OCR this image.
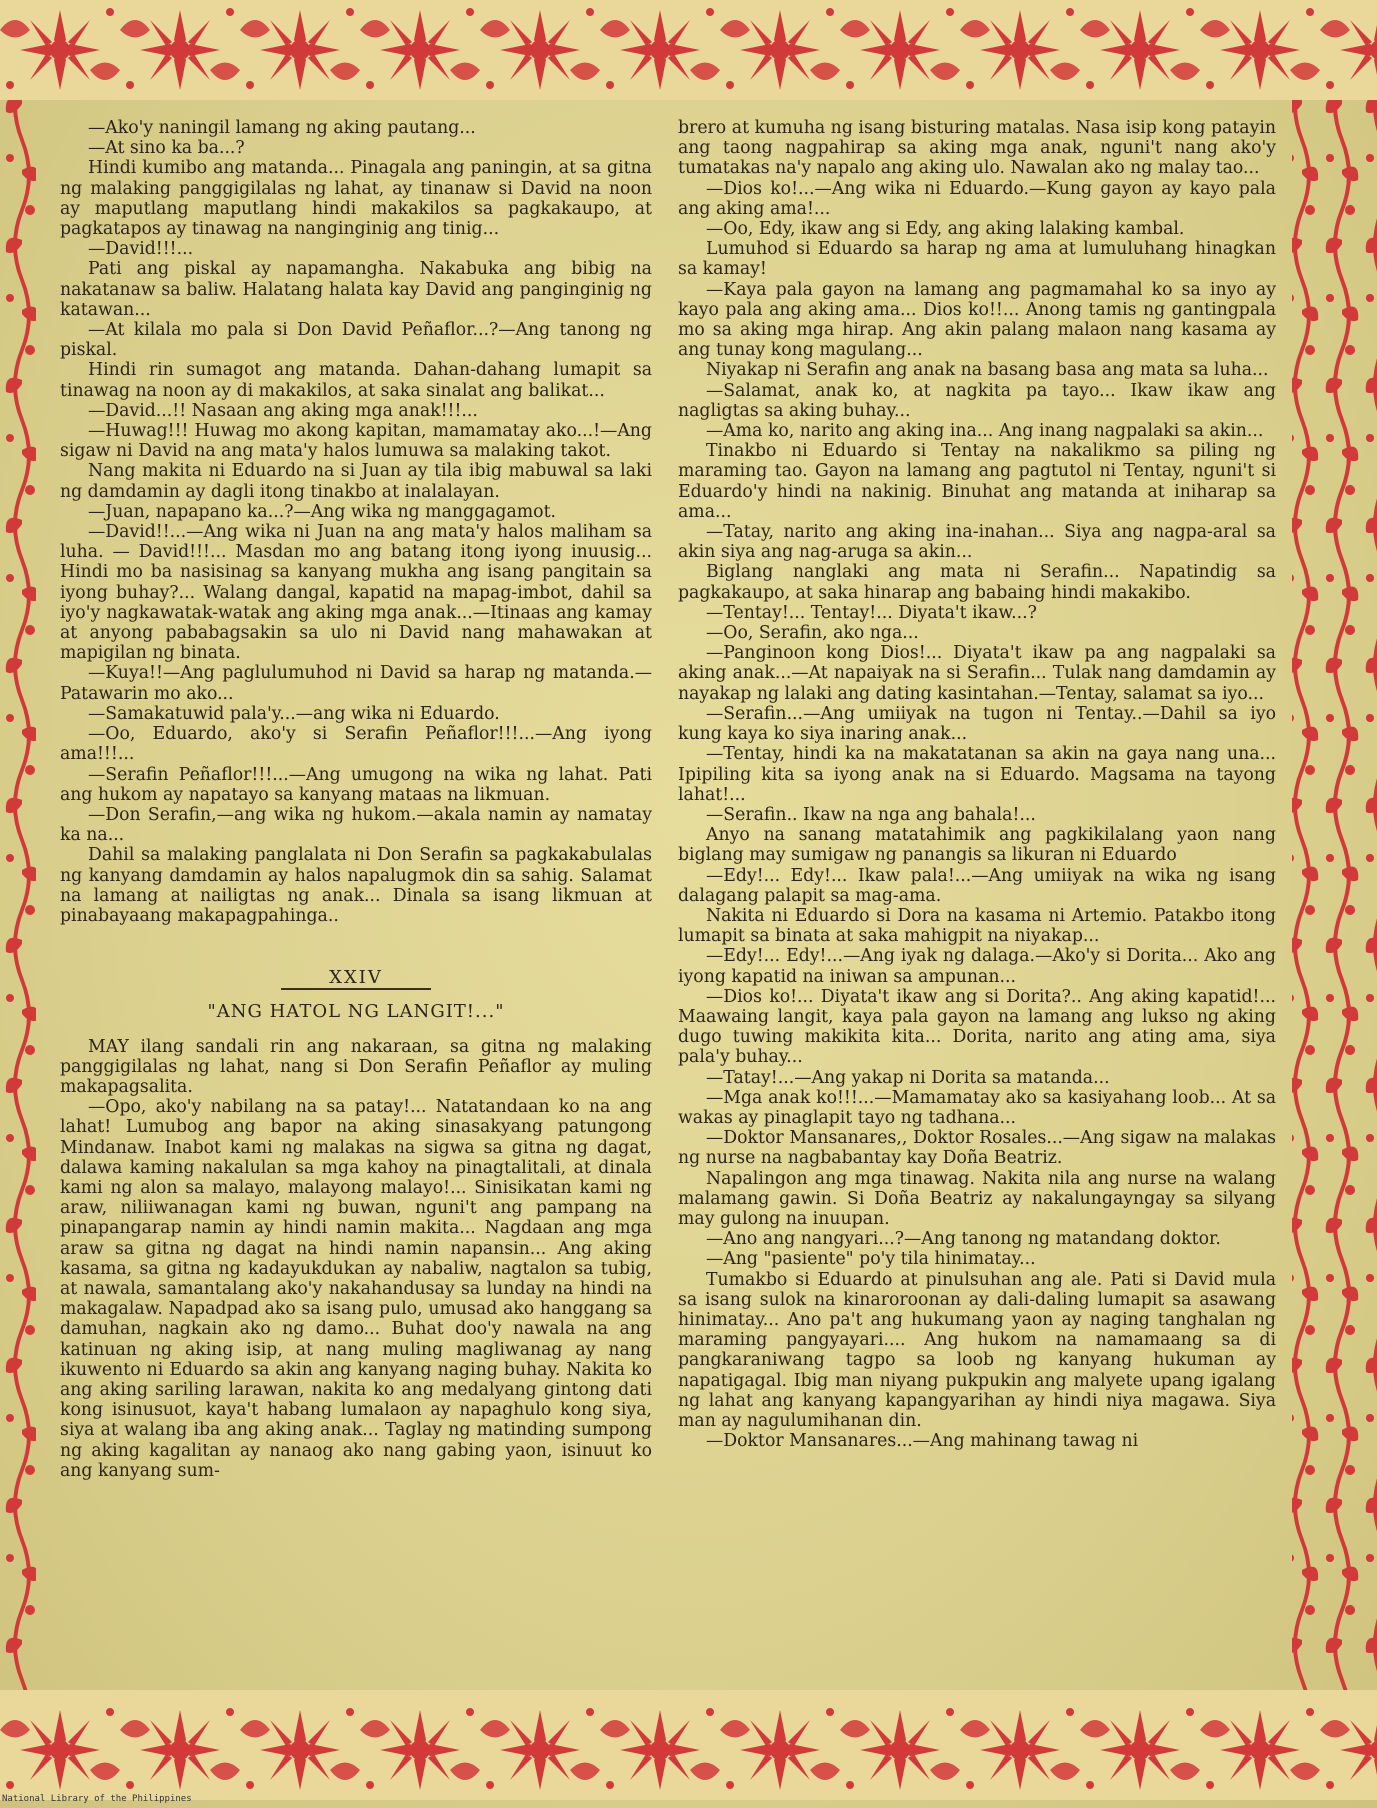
—Ako'y naningil lamang ng aking pautang...

—At sino ka ba...?

Hindi kumibo ang matanda... Pinagala ang paningin, at sa gitna ng malaking panggigilalas ng lahat, ay tinanaw si David na noon ay maputlang maputlang hindi makakilos sa pagkakaupo, at pagkatapos ay tinawag na nanginginig ang tinig...

—David!!!...

Pati ang piskal ay napamangha. Nakabuka ang bibig na nakatanaw sa baliw. Halatang halata kay David ang panginginig ng katawan...

—At kilala mo pala si Don David Peñaflor...?—Ang tanong ng piskal.

Hindi rin sumagot ang matanda. Dahan-dahang lumapit sa tinawag na noon ay di makakilos, at saka sinalat ang balikat...

—David...!! Nasaan ang aking mga anak!!!...

—Huwag!!! Huwag mo akong kapitan, mamamatay ako...!—Ang sigaw ni David na ang mata'y halos lumuwa sa malaking takot.

Nang makita ni Eduardo na si Juan ay tila ibig mabuwal sa laki ng damdamin ay dagli itong tinakbo at inalalayan.

—Juan, napapano ka...?—Ang wika ng manggagamot.

—David!!...—Ang wika ni Juan na ang mata'y halos maliham sa luha. — David!!!... Masdan mo ang batang itong iyong inuusig... Hindi mo ba nasisinag sa kanyang mukha ang isang pangitain sa iyong buhay?... Walang dangal, kapatid na mapag-imbot, dahil sa iyo'y nagkawatak-watak ang aking mga anak...—Itinaas ang kamay at anyong pababagsakin sa ulo ni David nang mahawakan at mapigilan ng binata.

—Kuya!!—Ang paglulumuhod ni David sa harap ng matanda.—Patawarin mo ako...

—Samakatuwid pala'y...—ang wika ni Eduardo.

—Oo, Eduardo, ako'y si Serafin Peñaflor!!!...—Ang iyong ama!!!...

—Serafin Peñaflor!!!...—Ang umugong na wika ng lahat. Pati ang hukom ay napatayo sa kanyang mataas na likmuan.

—Don Serafin,—ang wika ng hukom.—akala namin ay namatay ka na...

Dahil sa malaking panglalata ni Don Serafin sa pagkakabulalas ng kanyang damdamin ay halos napalugmok din sa sahig. Salamat na lamang at nailigtas ng anak... Dinala sa isang likmuan at pinabayaang makapagpahinga..

XXIV

"ANG HATOL NG LANGIT!..."

MAY ilang sandali rin ang nakaraan, sa gitna ng malaking panggigilalas ng lahat, nang si Don Serafin Peñaflor ay muling makapagsalita.

—Opo, ako'y nabilang na sa patay!... Natatandaan ko na ang lahat! Lumubog ang bapor na aking sinasakyang patungong Mindanaw. Inabot kami ng malakas na sigwa sa gitna ng dagat, dalawa kaming nakalulan sa mga kahoy na pinagtalitali, at dinala kami ng alon sa malayo, malayong malayo!... Sinisikatan kami ng araw, niliiwanagan kami ng buwan, nguni't ang pampang na pinapangarap namin ay hindi namin makita... Nagdaan ang mga araw sa gitna ng dagat na hindi namin napansin... Ang aking kasama, sa gitna ng kadayukdukan ay nabaliw, nagtalon sa tubig, at nawala, samantalang ako'y nakahandusay sa lunday na hindi na makagalaw. Napadpad ako sa isang pulo, umusad ako hanggang sa damuhan, nagkain ako ng damo... Buhat doo'y nawala na ang katinuan ng aking isip, at nang muling magliwanag ay nang ikuwento ni Eduardo sa akin ang kanyang naging buhay. Nakita ko ang aking sariling larawan, nakita ko ang medalyang gintong dati kong isinusuot, kaya't habang lumalaon ay napaghulo kong siya, siya at walang iba ang aking anak... Taglay ng matinding sumpong ng aking kagalitan ay nanaog ako nang gabing yaon, isinuut ko ang kanyang sum-

brero at kumuha ng isang bisturing matalas. Nasa isip kong patayin ang taong nagpahirap sa aking mga anak, nguni't nang ako'y tumatakas na'y napalo ang aking ulo. Nawalan ako ng malay tao...

—Dios ko!...—Ang wika ni Eduardo.—Kung gayon ay kayo pala ang aking ama!...

—Oo, Edy, ikaw ang si Edy, ang aking lalaking kambal.

Lumuhod si Eduardo sa harap ng ama at lumuluhang hinagkan sa kamay!

—Kaya pala gayon na lamang ang pagmamahal ko sa inyo ay kayo pala ang aking ama... Dios ko!!... Anong tamis ng gantingpala mo sa aking mga hirap. Ang akin palang malaon nang kasama ay ang tunay kong magulang...

Niyakap ni Serafin ang anak na basang basa ang mata sa luha...

—Salamat, anak ko, at nagkita pa tayo... Ikaw ikaw ang nagligtas sa aking buhay...

—Ama ko, narito ang aking ina... Ang inang nagpalaki sa akin...

Tinakbo ni Eduardo si Tentay na nakalikmo sa piling ng maraming tao. Gayon na lamang ang pagtutol ni Tentay, nguni't si Eduardo'y hindi na nakinig. Binuhat ang matanda at iniharap sa ama...

—Tatay, narito ang aking ina-inahan... Siya ang nagpa-aral sa akin siya ang nag-aruga sa akin...

Biglang nanglaki ang mata ni Serafin... Napatindig sa pagkakaupo, at saka hinarap ang babaing hindi makakibo.

—Tentay!... Tentay!... Diyata't ikaw...?

—Oo, Serafin, ako nga...

—Panginoon kong Dios!... Diyata't ikaw pa ang nagpalaki sa aking anak...—At napaiyak na si Serafin... Tulak nang damdamin ay nayakap ng lalaki ang dating kasintahan.—Tentay, salamat sa iyo...

—Serafin...—Ang umiiyak na tugon ni Tentay..—Dahil sa iyo kung kaya ko siya inaring anak...

—Tentay, hindi ka na makatatanan sa akin na gaya nang una... Ipipiling kita sa iyong anak na si Eduardo. Magsama na tayong lahat!...

—Serafin.. Ikaw na nga ang bahala!...

Anyo na sanang matatahimik ang pagkikilalang yaon nang biglang may sumigaw ng panangis sa likuran ni Eduardo

—Edy!... Edy!... Ikaw pala!...—Ang umiiyak na wika ng isang dalagang palapit sa mag-ama.

Nakita ni Eduardo si Dora na kasama ni Artemio. Patakbo itong lumapit sa binata at saka mahigpit na niyakap...

—Edy!... Edy!...—Ang iyak ng dalaga.—Ako'y si Dorita... Ako ang iyong kapatid na iniwan sa ampunan...

—Dios ko!... Diyata't ikaw ang si Dorita?.. Ang aking kapatid!... Maawaing langit, kaya pala gayon na lamang ang lukso ng aking dugo tuwing makikita kita... Dorita, narito ang ating ama, siya pala'y buhay...

—Tatay!...—Ang yakap ni Dorita sa matanda...

—Mga anak ko!!!...—Mamamatay ako sa kasiyahang loob... At sa wakas ay pinaglapit tayo ng tadhana...

—Doktor Mansanares,, Doktor Rosales...—Ang sigaw na malakas ng nurse na nagbabantay kay Doña Beatriz.

Napalingon ang mga tinawag. Nakita nila ang nurse na walang malamang gawin. Si Doña Beatriz ay nakalungayngay sa silyang may gulong na inuupan.

—Ano ang nangyari...?—Ang tanong ng matandang doktor.

—Ang "pasiente" po'y tila hinimatay...

Tumakbo si Eduardo at pinulsuhan ang ale. Pati si David mula sa isang sulok na kinaroroonan ay dali-daling lumapit sa asawang hinimatay... Ano pa't ang hukumang yaon ay naging tanghalan ng maraming pangyayari.... Ang hukom na namamaang sa di pangkaraniwang tagpo sa loob ng kanyang hukuman ay napatigagal. Ibig man niyang pukpukin ang malyete upang igalang ng lahat ang kanyang kapangyarihan ay hindi niya magawa. Siya man ay nagulumihanan din.

—Doktor Mansanares...—Ang mahinang tawag ni

National Library of the Philippines
